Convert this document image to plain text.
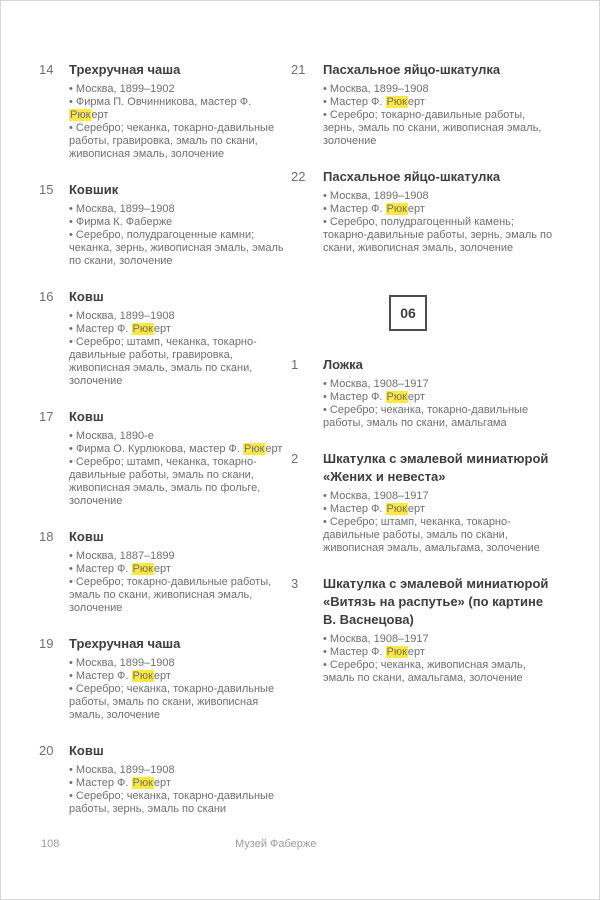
14	Трехручная чаша
• Москва, 1899–1902
• Фирма П. Овчинникова, мастер Ф. Рюкерт
• Серебро; чеканка, токарно-давильные работы, гравировка, эмаль по скани, живописная эмаль, золочение
15	Ковшик
• Москва, 1899–1908
• Фирма К. Фаберже
• Серебро, полудрагоценные камни; чеканка, зернь, живописная эмаль, эмаль по скани, золочение
16	Ковш
• Москва, 1899–1908
• Мастер Ф. Рюкерт
• Серебро; штамп, чеканка, токарно-давильные работы, гравировка, живописная эмаль, эмаль по скани, золочение
17	Ковш
• Москва, 1890-е
• Фирма О. Курлюкова, мастер Ф. Рюкерт
• Серебро; штамп, чеканка, токарно-давильные работы, эмаль по скани, живописная эмаль, эмаль по фольге, золочение
18	Ковш
• Москва, 1887–1899
• Мастер Ф. Рюкерт
• Серебро; токарно-давильные работы, эмаль по скани, живописная эмаль, золочение
19	Трехручная чаша
• Москва, 1899–1908
• Мастер Ф. Рюкерт
• Серебро; чеканка, токарно-давильные работы, эмаль по скани, живописная эмаль, золочение
20	Ковш
• Москва, 1899–1908
• Мастер Ф. Рюкерт
• Серебро; чеканка, токарно-давильные работы, зернь, эмаль по скани
21	Пасхальное яйцо-шкатулка
• Москва, 1899–1908
• Мастер Ф. Рюкерт
• Серебро; токарно-давильные работы, зернь, эмаль по скани, живописная эмаль, золочение
22	Пасхальное яйцо-шкатулка
• Москва, 1899–1908
• Мастер Ф. Рюкерт
• Серебро, полудрагоценный камень; токарно-давильные работы, зернь, эмаль по скани, живописная эмаль, золочение
06
1	Ложка
• Москва, 1908–1917
• Мастер Ф. Рюкерт
• Серебро; чеканка, токарно-давильные работы, эмаль по скани, амальгама
2	Шкатулка с эмалевой миниатюрой «Жених и невеста»
• Москва, 1908–1917
• Мастер Ф. Рюкерт
• Серебро; штамп, чеканка, токарно-давильные работы, эмаль по скани, живописная эмаль, амальгама, золочение
3	Шкатулка с эмалевой миниатюрой «Витязь на распутье» (по картине В. Васнецова)
• Москва, 1908–1917
• Мастер Ф. Рюкерт
• Серебро; чеканка, живописная эмаль, эмаль по скани, амальгама, золочение
108	Музей Фаберже
